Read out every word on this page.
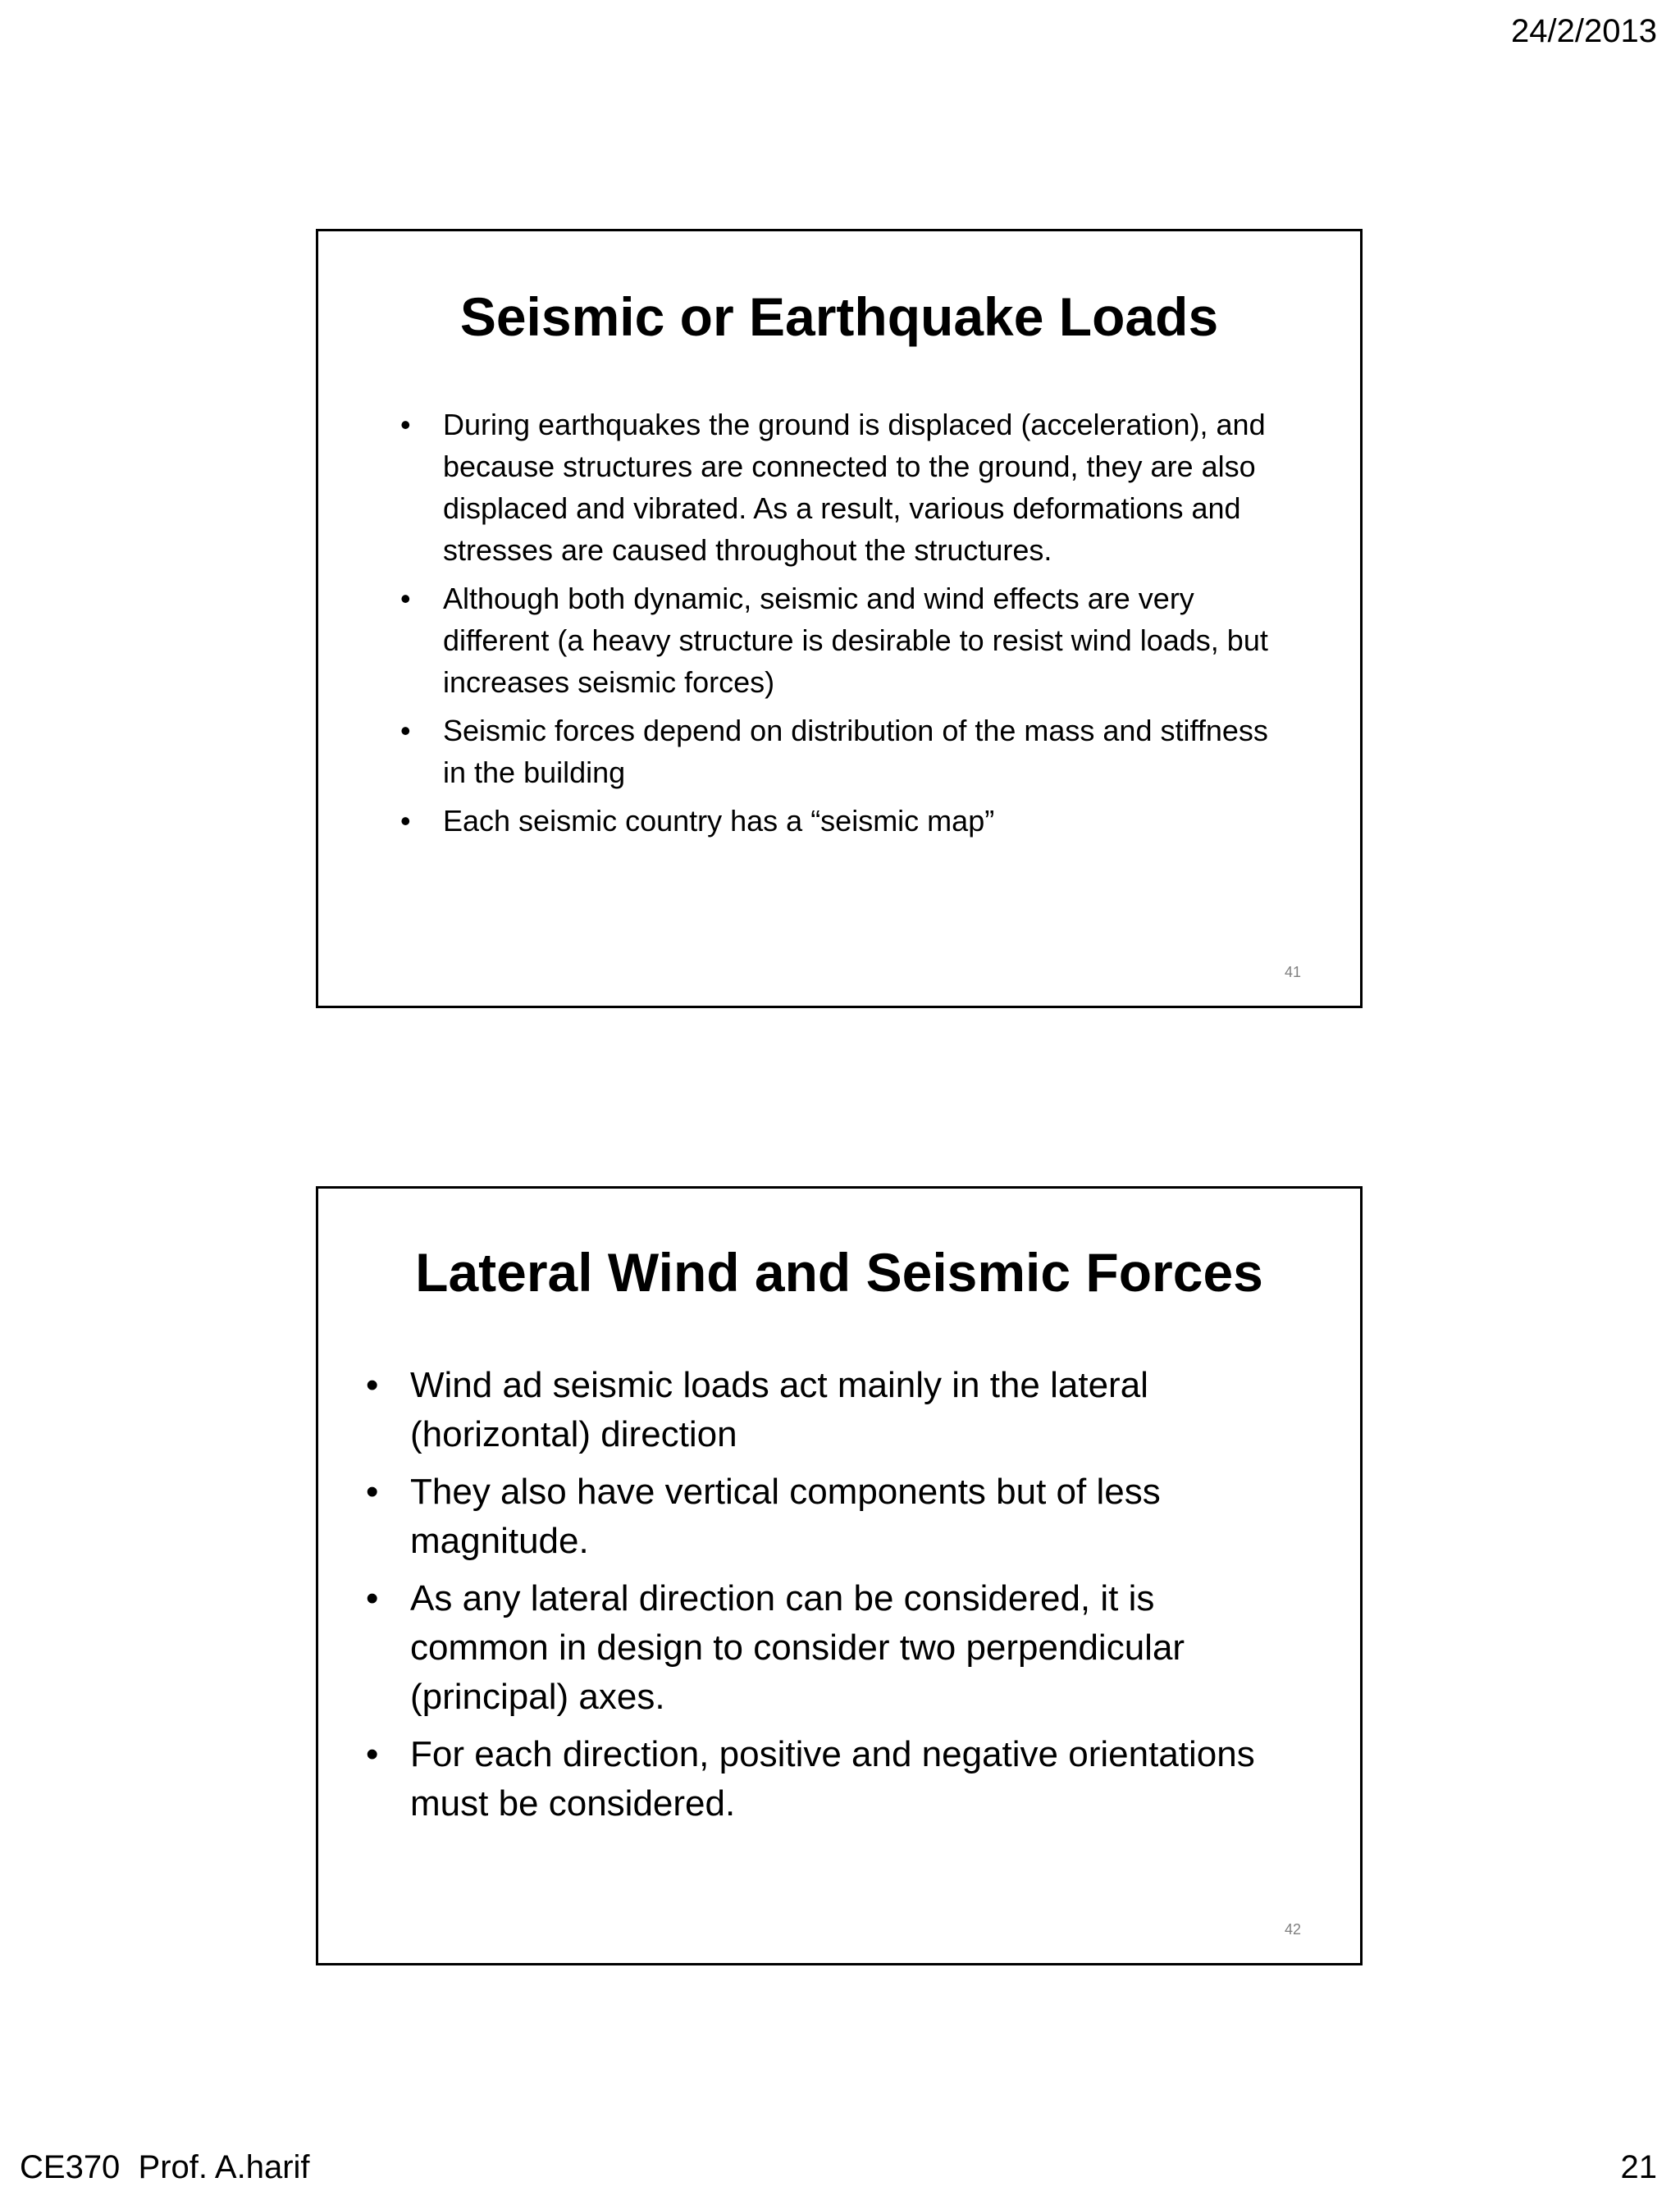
24/2/2013
Seismic or Earthquake Loads
• During earthquakes the ground is displaced (acceleration), and because structures are connected to the ground, they are also displaced and vibrated. As a result, various deformations and stresses are caused throughout the structures.
• Although both dynamic, seismic and wind effects are very different (a heavy structure is desirable to resist wind loads, but increases seismic forces)
• Seismic forces depend on distribution of the mass and stiffness in the building
• Each seismic country has a “seismic map”
41
Lateral Wind and Seismic Forces
• Wind ad seismic loads act mainly in the lateral (horizontal) direction
• They also have vertical components but of less magnitude.
• As any lateral direction can be considered, it is common in design to consider two perpendicular (principal) axes.
• For each direction, positive and negative orientations must be considered.
42
CE370  Prof. A.harif	21
